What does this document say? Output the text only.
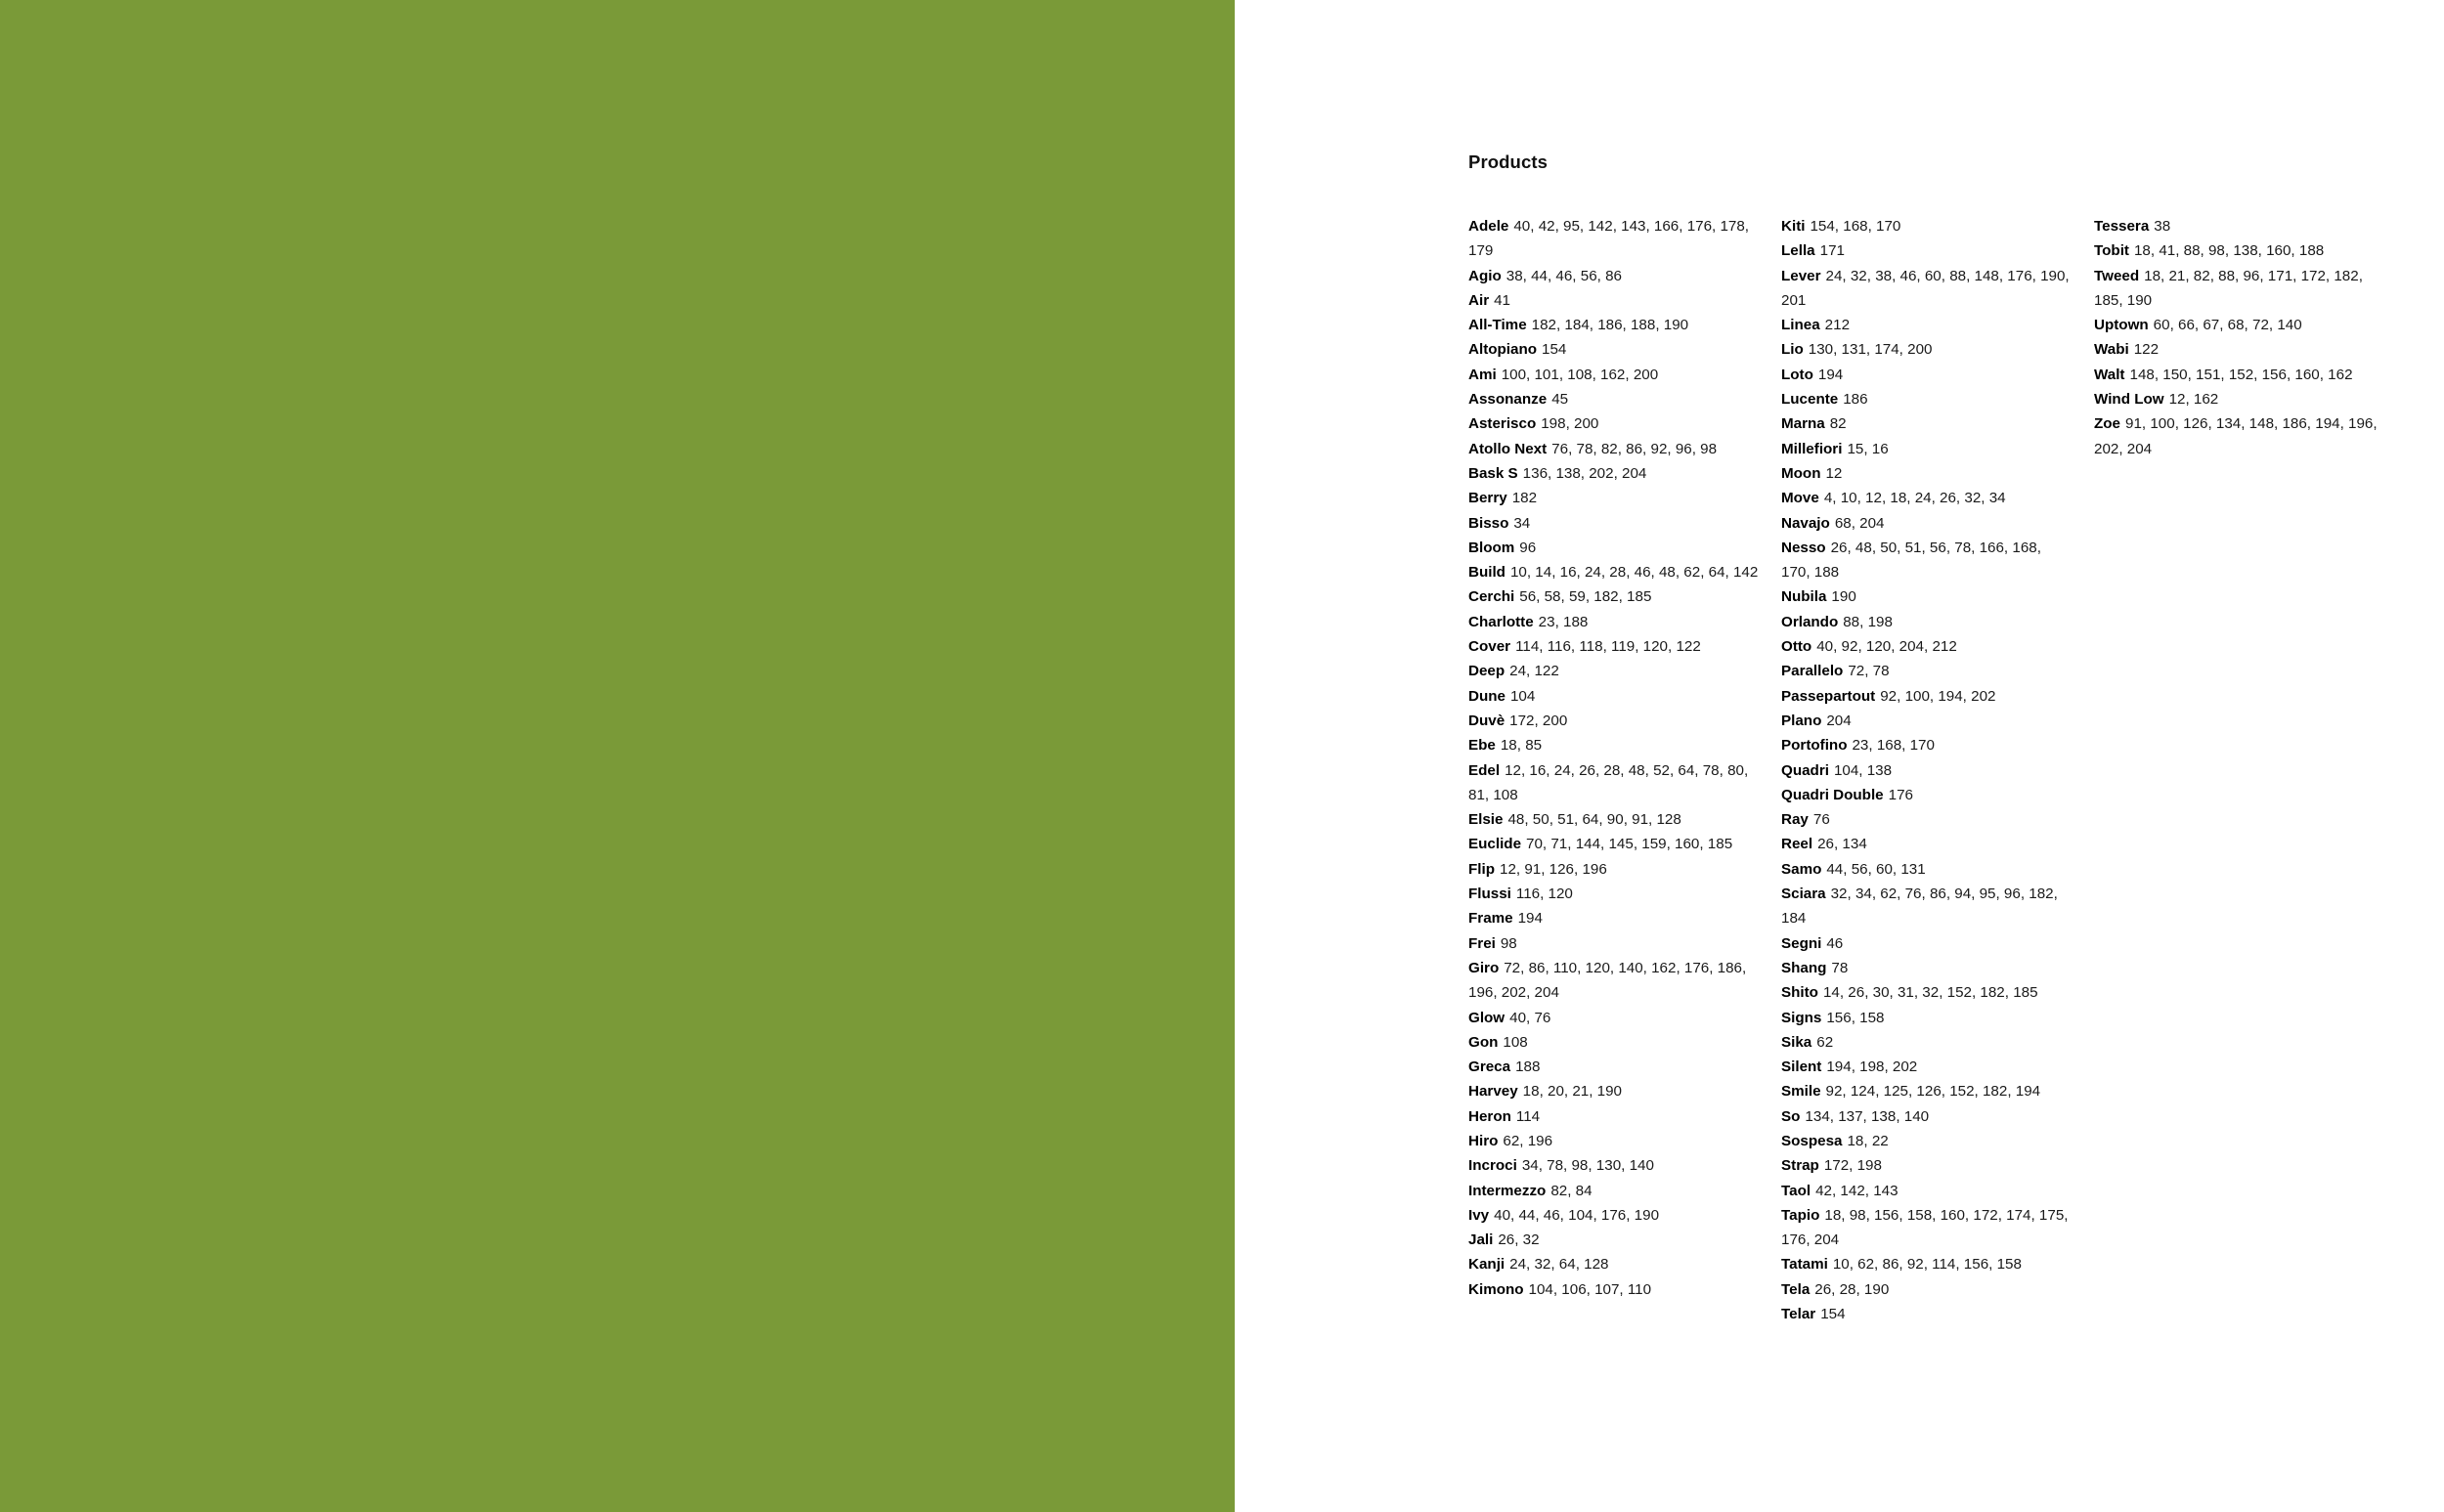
Products

Adele 40, 42, 95, 142, 143, 166, 176, 178, 179

Agio 38, 44, 46, 56, 86

Air 41

All-Time 182, 184, 186, 188, 190

Altopiano 154

Ami 100, 101, 108, 162, 200

Assonanze 45

Asterisco 198, 200

Atollo Next 76, 78, 82, 86, 92, 96, 98

Bask S 136, 138, 202, 204

Berry 182

Bisso 34

Bloom 96

Build 10, 14, 16, 24, 28, 46, 48, 62, 64, 142

Cerchi 56, 58, 59, 182, 185

Charlotte 23, 188

Cover 114, 116, 118, 119, 120, 122

Deep 24, 122

Dune 104

Duvè 172, 200

Ebe 18, 85

Edel 12, 16, 24, 26, 28, 48, 52, 64, 78, 80, 81, 108

Elsie 48, 50, 51, 64, 90, 91, 128

Euclide 70, 71, 144, 145, 159, 160, 185

Flip 12, 91, 126, 196

Flussi 116, 120

Frame 194

Frei 98

Giro 72, 86, 110, 120, 140, 162, 176, 186, 196, 202, 204

Glow 40, 76

Gon 108

Greca 188

Harvey 18, 20, 21, 190

Heron 114

Hiro 62, 196

Incroci 34, 78, 98, 130, 140

Intermezzo 82, 84

Ivy 40, 44, 46, 104, 176, 190

Jali 26, 32

Kanji 24, 32, 64, 128

Kimono 104, 106, 107, 110

Kiti 154, 168, 170

Lella 171

Lever 24, 32, 38, 46, 60, 88, 148, 176, 190, 201

Linea 212

Lio 130, 131, 174, 200

Loto 194

Lucente 186

Marna 82

Millefiori 15, 16

Moon 12

Move 4, 10, 12, 18, 24, 26, 32, 34

Navajo 68, 204

Nesso 26, 48, 50, 51, 56, 78, 166, 168, 170, 188

Nubila 190

Orlando 88, 198

Otto 40, 92, 120, 204, 212

Parallelo 72, 78

Passepartout 92, 100, 194, 202

Plano 204

Portofino 23, 168, 170

Quadri 104, 138

Quadri Double 176

Ray 76

Reel 26, 134

Samo 44, 56, 60, 131

Sciara 32, 34, 62, 76, 86, 94, 95, 96, 182, 184

Segni 46

Shang 78

Shito 14, 26, 30, 31, 32, 152, 182, 185

Signs 156, 158

Sika 62

Silent 194, 198, 202

Smile 92, 124, 125, 126, 152, 182, 194

So 134, 137, 138, 140

Sospesa 18, 22

Strap 172, 198

Taol 42, 142, 143

Tapio 18, 98, 156, 158, 160, 172, 174, 175, 176, 204

Tatami 10, 62, 86, 92, 114, 156, 158

Tela 26, 28, 190

Telar 154

Tessera 38

Tobit 18, 41, 88, 98, 138, 160, 188

Tweed 18, 21, 82, 88, 96, 171, 172, 182, 185, 190

Uptown 60, 66, 67, 68, 72, 140

Wabi 122

Walt 148, 150, 151, 152, 156, 160, 162

Wind Low 12, 162

Zoe 91, 100, 126, 134, 148, 186, 194, 196, 202, 204
